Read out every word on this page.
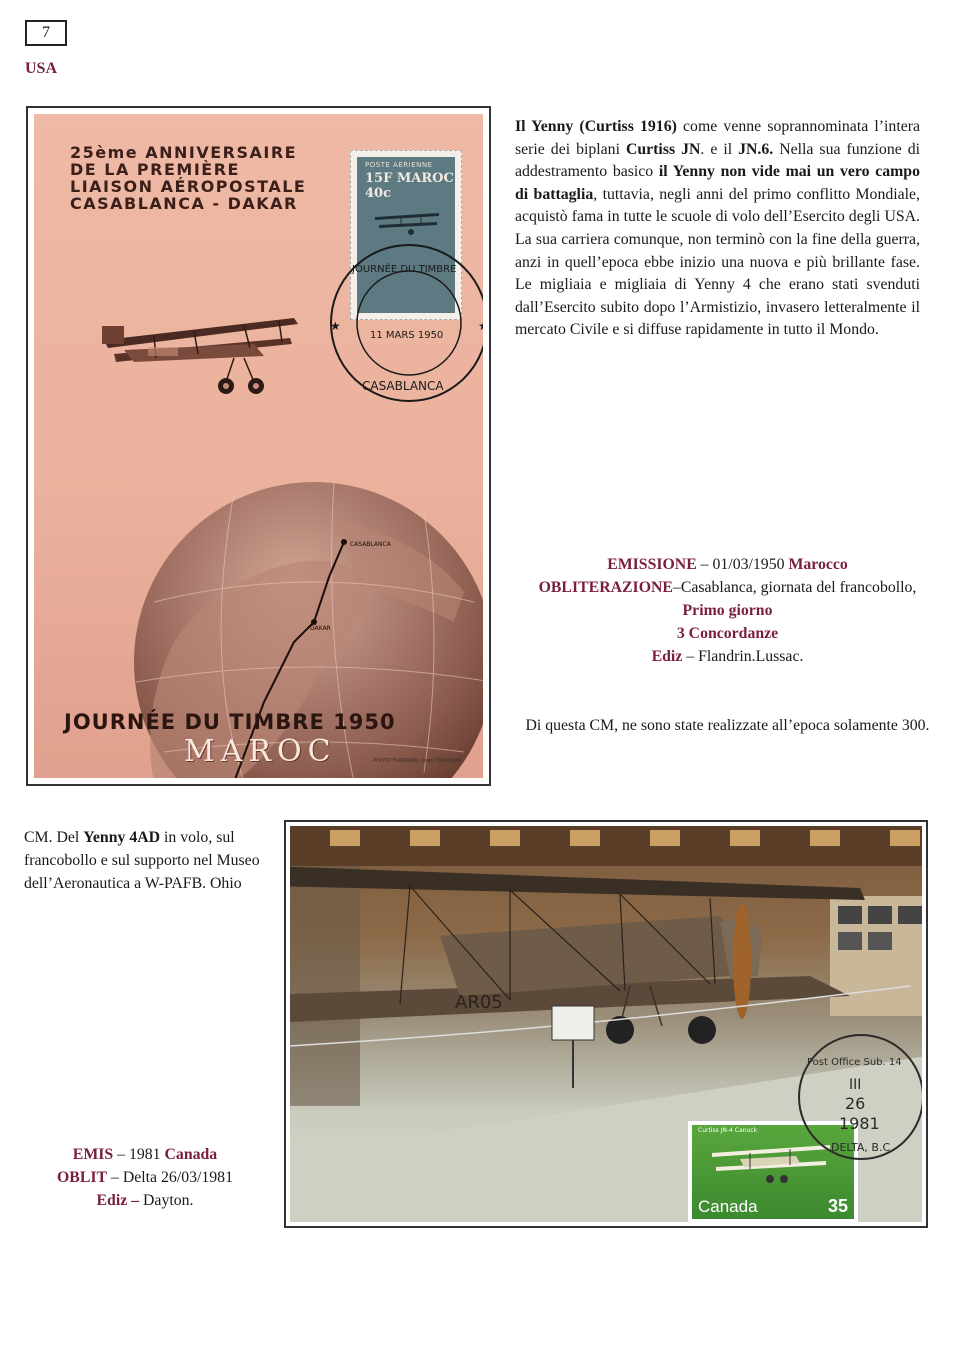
7
USA
25ème ANNIVERSAIRE
DE LA PREMIÈRE
LIAISON AÉROPOSTALE
CASABLANCA - DAKAR
CASABLANCA
DAKAR
POSTE AERIENNE
15F MAROC 40c
JOURNÉE DU TIMBRE
11 MARS 1950
CASABLANCA
★	★
JOURNÉE DU TIMBRE 1950
MAROC	PHOTO FLANDRIN / Jean TROUSSIN
Il Yenny (Curtiss 1916) come venne soprannominata l’intera serie dei biplani Curtiss JN. e il JN.6. Nella sua funzione di addestramento basico il Yenny non vide mai un vero campo di battaglia, tuttavia, negli anni del primo conflitto Mondiale, acquistò fama in tutte le scuole di volo dell’Esercito degli USA. La sua carriera comunque, non terminò con la fine della guerra, anzi in quell’epoca ebbe inizio una nuova e più brillante fase. Le migliaia e migliaia di Yenny 4 che erano stati svenduti dall’Esercito subito dopo l’Armistizio, invasero letteralmente il mercato Civile e si diffuse rapidamente in tutto il Mondo.
EMISSIONE – 01/03/1950 Marocco
OBLITERAZIONE–Casablanca, giornata del francobollo,
Primo giorno
3 Concordanze
Ediz – Flandrin.Lussac.
Di questa CM, ne sono state realizzate all’epoca solamente 300.
CM. Del Yenny 4AD in volo, sul francobollo e sul supporto nel Museo dell’Aeronautica a W-PAFB. Ohio
EMIS – 1981 Canada
OBLIT – Delta 26/03/1981
Ediz – Dayton.
AR05
Curtiss JN-4 Canuck
Canada	35
Post Office Sub. 14
III
26
1981
DELTA, B.C.
